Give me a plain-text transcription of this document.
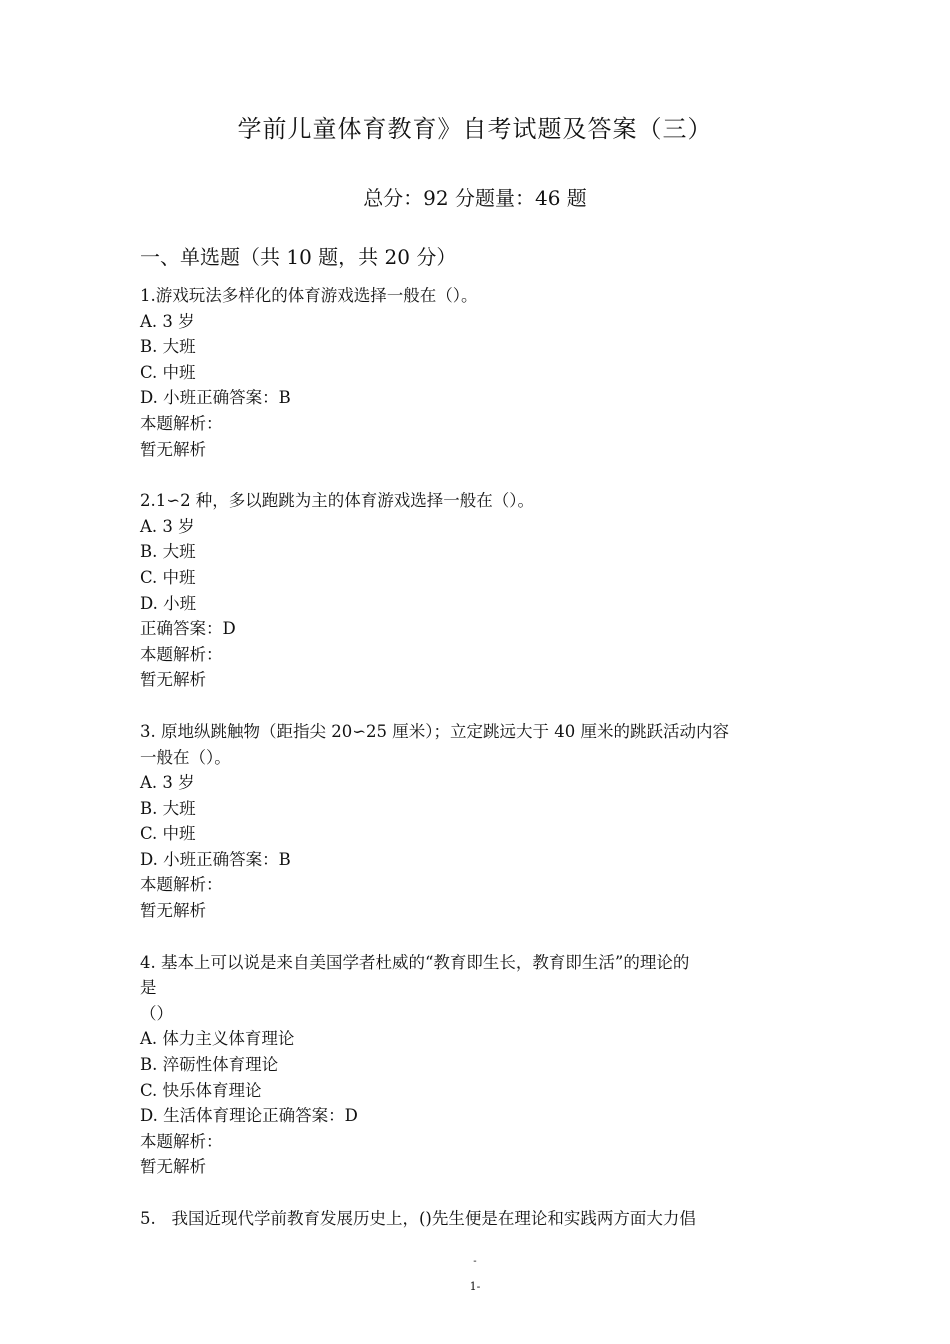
学前儿童体育教育》自考试题及答案（三）
总分：92 分题量：46 题
一、单选题（共 10 题，共 20 分）
1.游戏玩法多样化的体育游戏选择一般在（）。
A. 3 岁
B. 大班
C. 中班
D. 小班正确答案：B
本题解析：
暂无解析
2.1∽2 种，多以跑跳为主的体育游戏选择一般在（）。
A. 3 岁
B. 大班
C. 中班
D. 小班
正确答案：D
本题解析：
暂无解析
3. 原地纵跳触物（距指尖 20∽25 厘米）；立定跳远大于 40 厘米的跳跃活动内容
一般在（）。
A. 3 岁
B. 大班
C. 中班
D. 小班正确答案：B
本题解析：
暂无解析
4. 基本上可以说是来自美国学者杜威的“教育即生长，教育即生活”的理论的
是
（）
A. 体力主义体育理论
B. 淬砺性体育理论
C. 快乐体育理论
D. 生活体育理论正确答案：D
本题解析：
暂无解析
5.   我国近现代学前教育发展历史上，()先生便是在理论和实践两方面大力倡
-
1-
